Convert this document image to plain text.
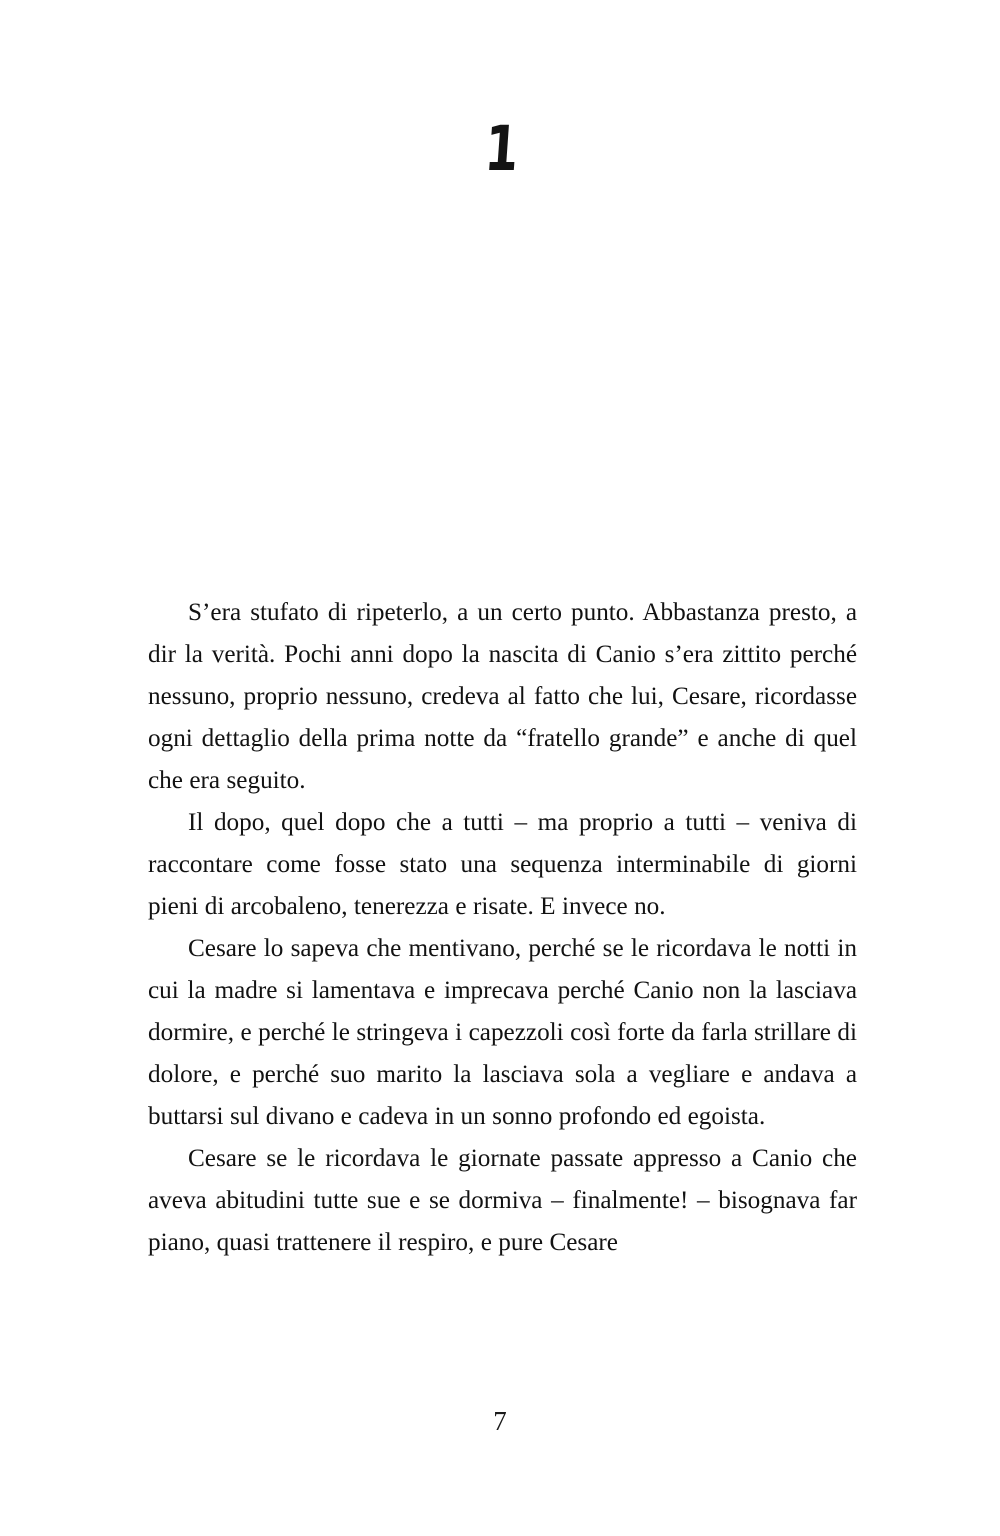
1

S’era stufato di ripeterlo, a un certo punto. Abbastanza presto, a dir la verità. Pochi anni dopo la nascita di Canio s’era zittito perché nessuno, proprio nessuno, credeva al fatto che lui, Cesare, ricordasse ogni dettaglio della prima notte da “fratello grande” e anche di quel che era seguito.

Il dopo, quel dopo che a tutti – ma proprio a tutti – veniva di raccontare come fosse stato una sequenza interminabile di giorni pieni di arcobaleno, tenerezza e risate. E invece no.

Cesare lo sapeva che mentivano, perché se le ricordava le notti in cui la madre si lamentava e imprecava perché Canio non la lasciava dormire, e perché le stringeva i capezzoli così forte da farla strillare di dolore, e perché suo marito la lasciava sola a vegliare e andava a buttarsi sul divano e cadeva in un sonno profondo ed egoista.

Cesare se le ricordava le giornate passate appresso a Canio che aveva abitudini tutte sue e se dormiva – finalmente! – bisognava far piano, quasi trattenere il respiro, e pure Cesare

7
